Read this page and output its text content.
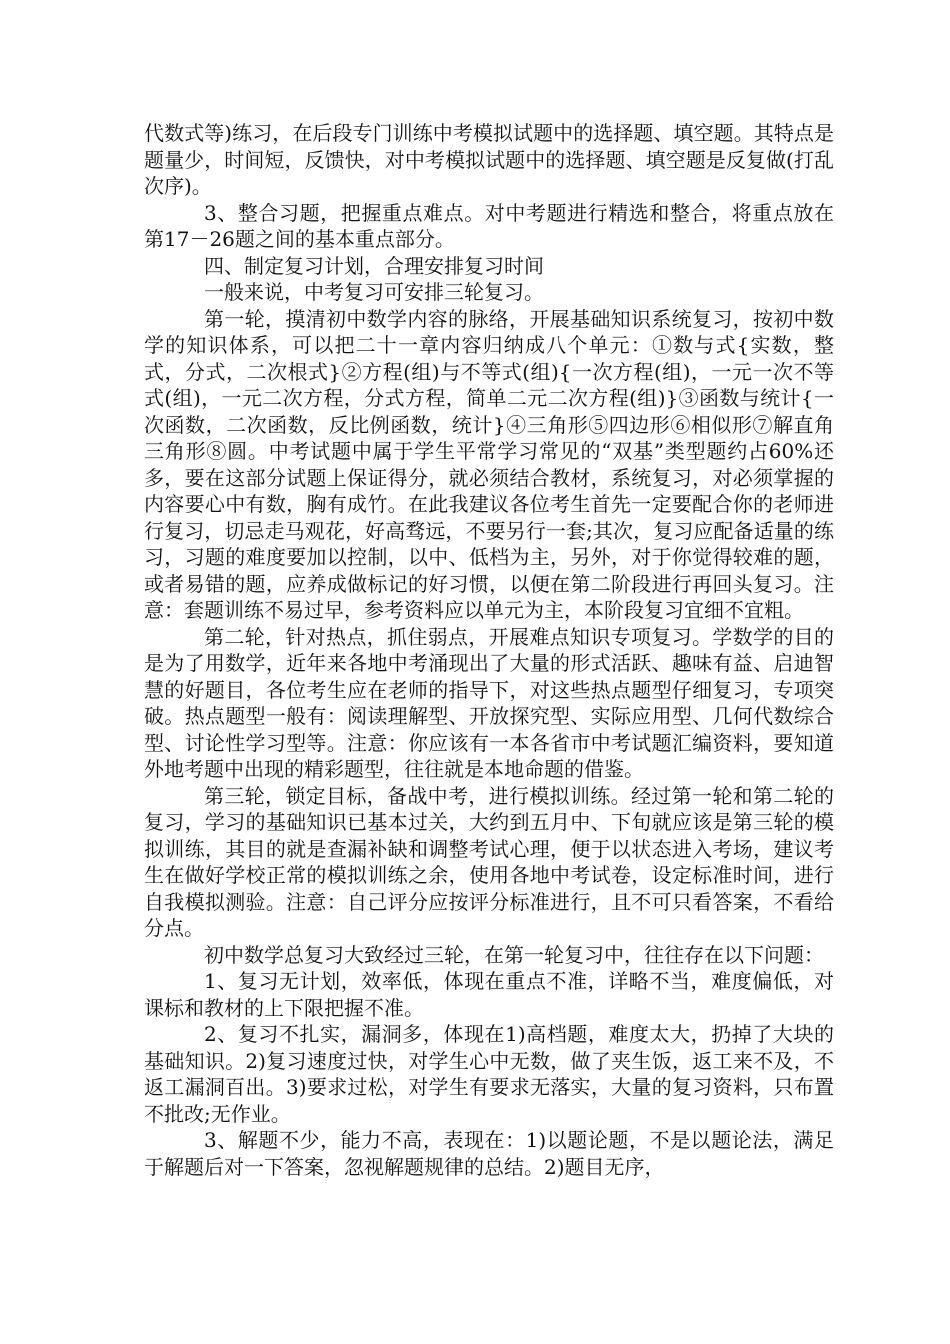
代数式等)练习，在后段专门训练中考模拟试题中的选择题、填空题。其特点是题量少，时间短，反馈快，对中考模拟试题中的选择题、填空题是反复做(打乱次序)。

3、整合习题，把握重点难点。对中考题进行精选和整合，将重点放在第17－26题之间的基本重点部分。

四、制定复习计划，合理安排复习时间

一般来说，中考复习可安排三轮复习。

第一轮，摸清初中数学内容的脉络，开展基础知识系统复习，按初中数学的知识体系，可以把二十一章内容归纳成八个单元：①数与式{实数，整式，分式，二次根式}②方程(组)与不等式(组){一次方程(组)，一元一次不等式(组)，一元二次方程，分式方程，简单二元二次方程(组)}③函数与统计{一次函数，二次函数，反比例函数，统计}④三角形⑤四边形⑥相似形⑦解直角三角形⑧圆。中考试题中属于学生平常学习常见的“双基”类型题约占60%还多，要在这部分试题上保证得分，就必须结合教材，系统复习，对必须掌握的内容要心中有数，胸有成竹。在此我建议各位考生首先一定要配合你的老师进行复习，切忌走马观花，好高骛远，不要另行一套;其次，复习应配备适量的练习，习题的难度要加以控制，以中、低档为主，另外，对于你觉得较难的题，或者易错的题，应养成做标记的好习惯，以便在第二阶段进行再回头复习。注意：套题训练不易过早，参考资料应以单元为主，本阶段复习宜细不宜粗。

第二轮，针对热点，抓住弱点，开展难点知识专项复习。学数学的目的是为了用数学，近年来各地中考涌现出了大量的形式活跃、趣味有益、启迪智慧的好题目，各位考生应在老师的指导下，对这些热点题型仔细复习，专项突破。热点题型一般有：阅读理解型、开放探究型、实际应用型、几何代数综合型、讨论性学习型等。注意：你应该有一本各省市中考试题汇编资料，要知道外地考题中出现的精彩题型，往往就是本地命题的借鉴。

第三轮，锁定目标，备战中考，进行模拟训练。经过第一轮和第二轮的复习，学习的基础知识已基本过关，大约到五月中、下旬就应该是第三轮的模拟训练，其目的就是查漏补缺和调整考试心理，便于以状态进入考场，建议考生在做好学校正常的模拟训练之余，使用各地中考试卷，设定标准时间，进行自我模拟测验。注意：自己评分应按评分标准进行，且不可只看答案，不看给分点。

初中数学总复习大致经过三轮，在第一轮复习中，往往存在以下问题：

1、复习无计划，效率低，体现在重点不准，详略不当，难度偏低，对课标和教材的上下限把握不准。

2、复习不扎实，漏洞多，体现在1)高档题，难度太大，扔掉了大块的基础知识。2)复习速度过快，对学生心中无数，做了夹生饭，返工来不及，不返工漏洞百出。3)要求过松，对学生有要求无落实，大量的复习资料，只布置不批改;无作业。

3、解题不少，能力不高，表现在：1)以题论题，不是以题论法，满足于解题后对一下答案，忽视解题规律的总结。2)题目无序，
